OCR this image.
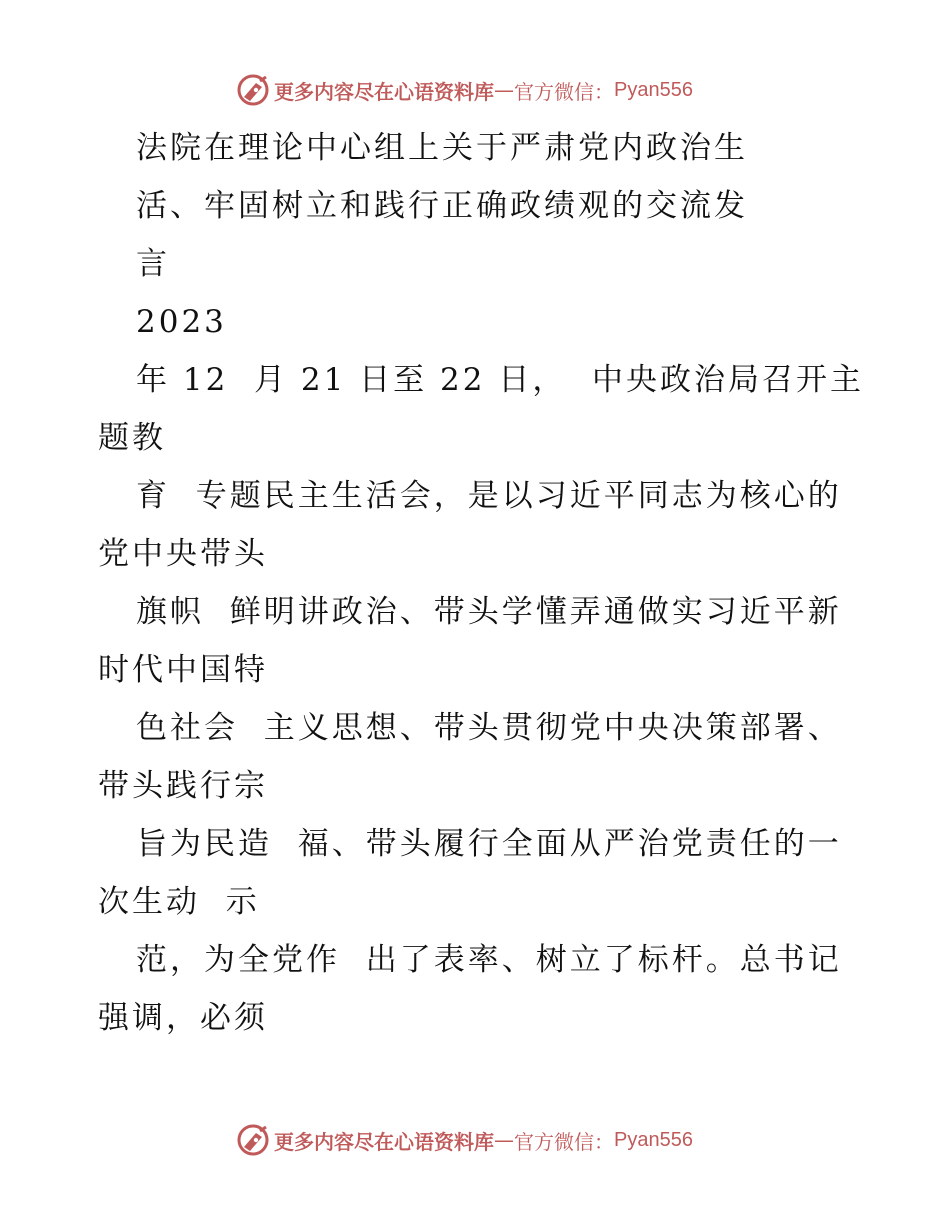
更多内容尽在心语资料库 — 官方微信： Pyan556
法院在理论中心组上关于严肃党内政治生
活、牢固树立和践行正确政绩观的交流发
言
2023
年 12  月 21 日至 22 日，  中央政治局召开主
题教
育  专题民主生活会，是以习近平同志为核心的
党中央带头
旗帜  鲜明讲政治、带头学懂弄通做实习近平新
时代中国特
色社会  主义思想、带头贯彻党中央决策部署、
带头践行宗
旨为民造  福、带头履行全面从严治党责任的一
次生动  示
范，为全党作  出了表率、树立了标杆。总书记
强调，必须
更多内容尽在心语资料库 — 官方微信： Pyan556
